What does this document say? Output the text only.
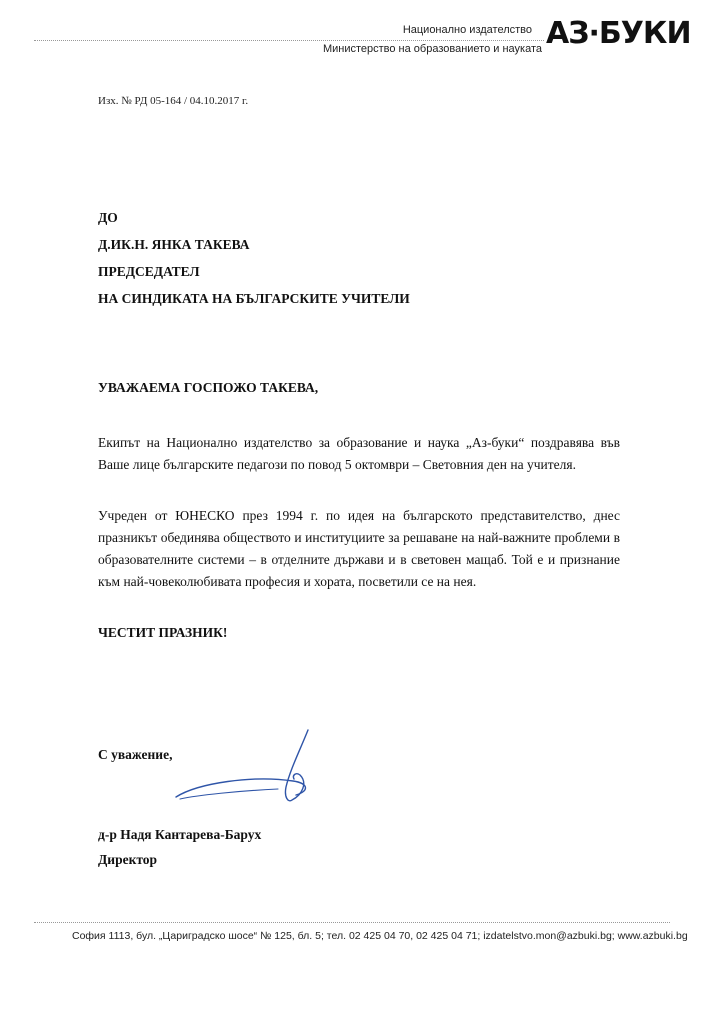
Национално издателство
Министерство на образованието и науката АЗ·БУКИ
Изх. № РД 05-164 / 04.10.2017 г.
ДО
Д.ИК.Н. ЯНКА ТАКЕВА
ПРЕДСЕДАТЕЛ
НА СИНДИКАТА НА БЪЛГАРСКИТЕ УЧИТЕЛИ
УВАЖАЕМА ГОСПОЖО ТАКЕВА,
Екипът на Национално издателство за образование и наука „Аз-буки“ поздравява във Ваше лице българските педагози по повод 5 октомври – Световния ден на учителя.
Учреден от ЮНЕСКО през 1994 г. по идея на българското представителство, днес празникът обединява обществото и институциите за решаване на най-важните проблеми в образователните системи – в отделните държави и в световен мащаб. Той е и признание към най-човеколюбивата професия и хората, посветили се на нея.
ЧЕСТИТ ПРАЗНИК!
С уважение,
д-р Надя Кантарева-Барух
Директор
София 1113, бул. „Цариградско шосе“ № 125, бл. 5; тел. 02 425 04 70, 02 425 04 71; izdatelstvo.mon@azbuki.bg; www.azbuki.bg
